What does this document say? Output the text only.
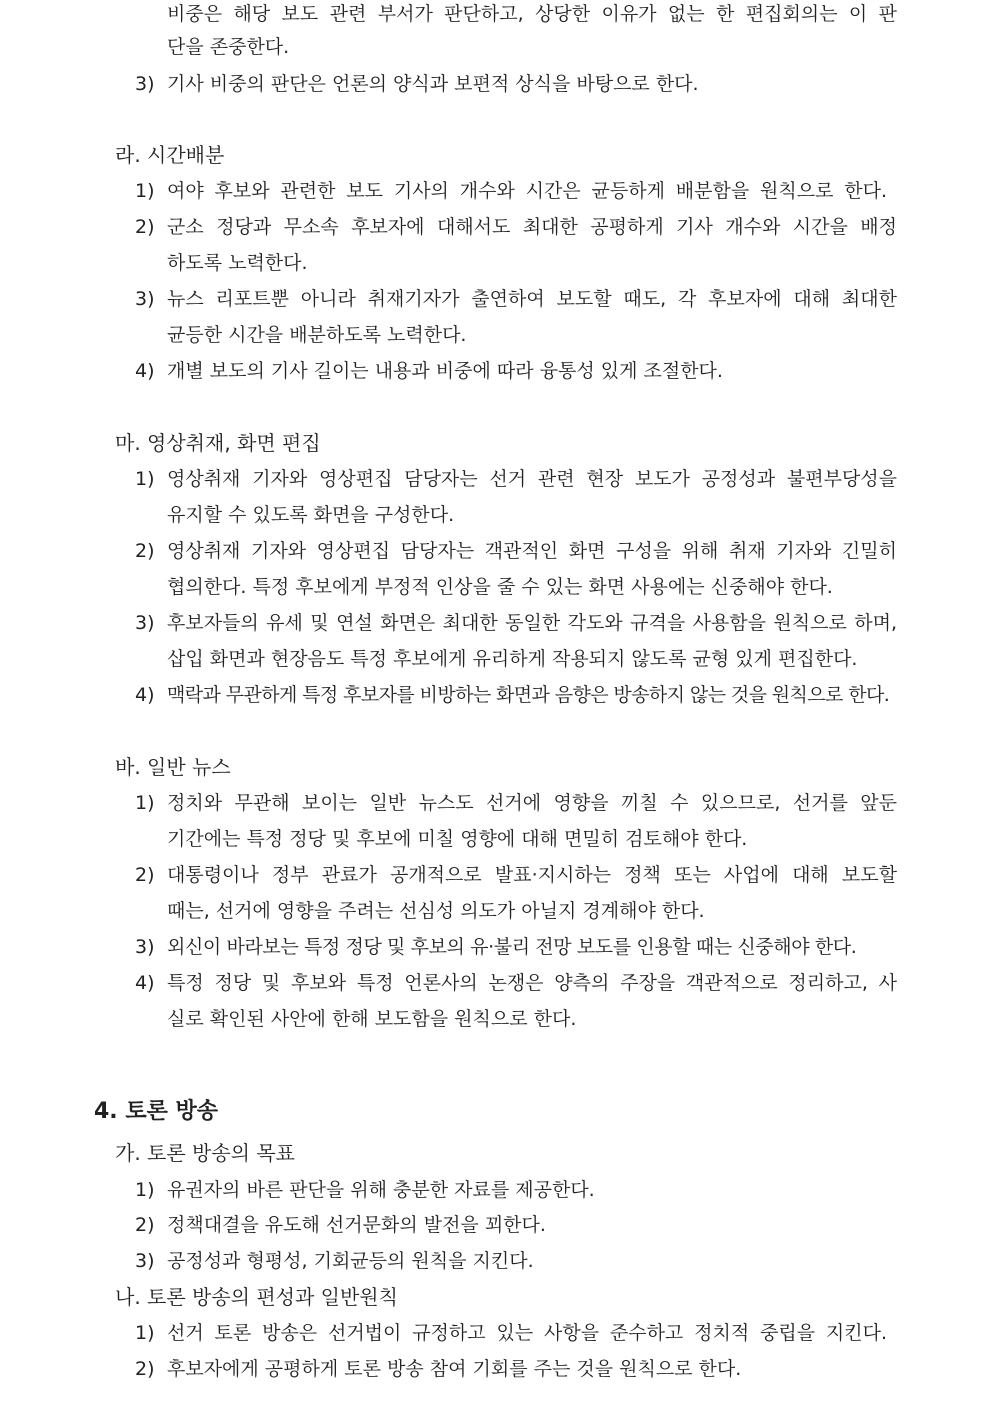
비중은 해당 보도 관련 부서가 판단하고, 상당한 이유가 없는 한 편집회의는 이 판
단을 존중한다.
3) 기사 비중의 판단은 언론의 양식과 보편적 상식을 바탕으로 한다.
라. 시간배분
1) 여야 후보와 관련한 보도 기사의 개수와 시간은 균등하게 배분함을 원칙으로 한다.
2) 군소 정당과 무소속 후보자에 대해서도 최대한 공평하게 기사 개수와 시간을 배정
하도록 노력한다.
3) 뉴스 리포트뿐 아니라 취재기자가 출연하여 보도할 때도, 각 후보자에 대해 최대한
균등한 시간을 배분하도록 노력한다.
4) 개별 보도의 기사 길이는 내용과 비중에 따라 융통성 있게 조절한다.
마. 영상취재, 화면 편집
1) 영상취재 기자와 영상편집 담당자는 선거 관련 현장 보도가 공정성과 불편부당성을
유지할 수 있도록 화면을 구성한다.
2) 영상취재 기자와 영상편집 담당자는 객관적인 화면 구성을 위해 취재 기자와 긴밀히
협의한다. 특정 후보에게 부정적 인상을 줄 수 있는 화면 사용에는 신중해야 한다.
3) 후보자들의 유세 및 연설 화면은 최대한 동일한 각도와 규격을 사용함을 원칙으로 하며,
삽입 화면과 현장음도 특정 후보에게 유리하게 작용되지 않도록 균형 있게 편집한다.
4) 맥락과 무관하게 특정 후보자를 비방하는 화면과 음향은 방송하지 않는 것을 원칙으로 한다.
바. 일반 뉴스
1) 정치와 무관해 보이는 일반 뉴스도 선거에 영향을 끼칠 수 있으므로, 선거를 앞둔
기간에는 특정 정당 및 후보에 미칠 영향에 대해 면밀히 검토해야 한다.
2) 대통령이나 정부 관료가 공개적으로 발표·지시하는 정책 또는 사업에 대해 보도할
때는, 선거에 영향을 주려는 선심성 의도가 아닐지 경계해야 한다.
3) 외신이 바라보는 특정 정당 및 후보의 유·불리 전망 보도를 인용할 때는 신중해야 한다.
4) 특정 정당 및 후보와 특정 언론사의 논쟁은 양측의 주장을 객관적으로 정리하고, 사
실로 확인된 사안에 한해 보도함을 원칙으로 한다.
4. 토론 방송
가. 토론 방송의 목표
1) 유권자의 바른 판단을 위해 충분한 자료를 제공한다.
2) 정책대결을 유도해 선거문화의 발전을 꾀한다.
3) 공정성과 형평성, 기회균등의 원칙을 지킨다.
나. 토론 방송의 편성과 일반원칙
1) 선거 토론 방송은 선거법이 규정하고 있는 사항을 준수하고 정치적 중립을 지킨다.
2) 후보자에게 공평하게 토론 방송 참여 기회를 주는 것을 원칙으로 한다.
